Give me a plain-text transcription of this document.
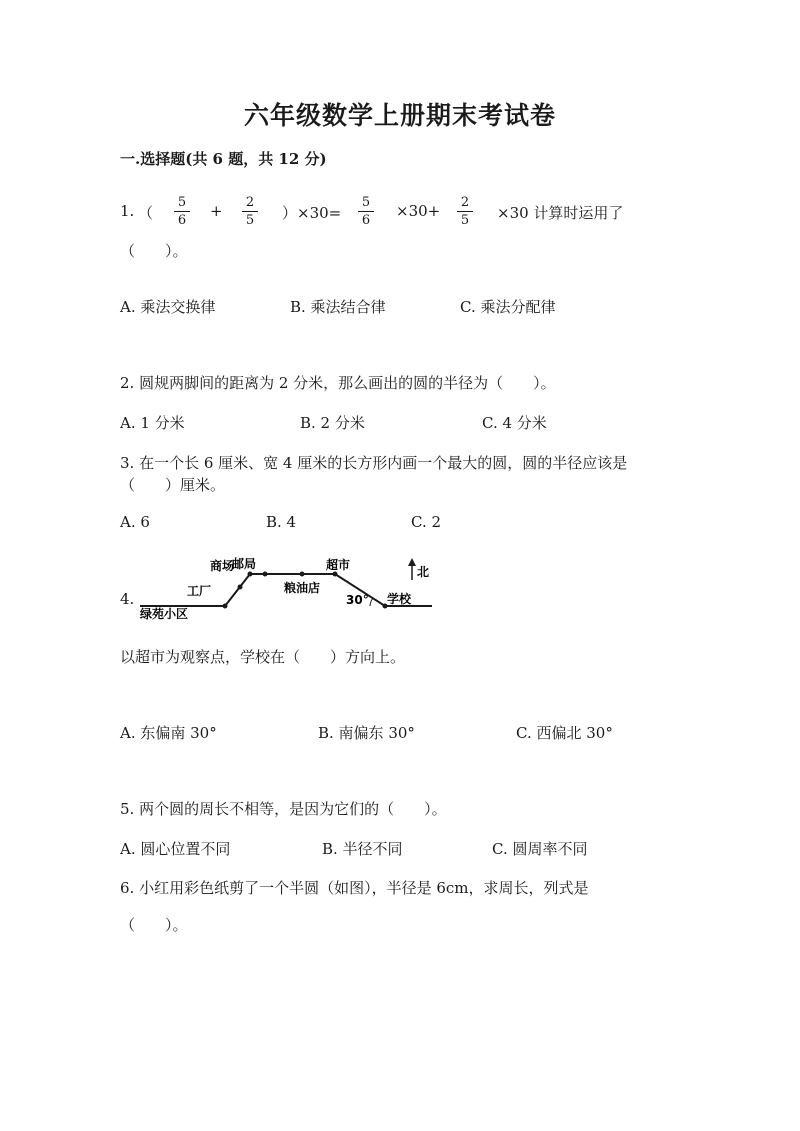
六年级数学上册期末考试卷
一.选择题(共 6 题，共 12 分)
1. （
5
6
+	2
5	）×30=
5
6
×30+	2
5	×30 计算时运用了
（　　）。
A. 乘法交换律	B. 乘法结合律	C. 乘法分配律
2. 圆规两脚间的距离为 2 分米，那么画出的圆的半径为（　　）。
A. 1 分米	B. 2 分米	C. 4 分米
3. 在一个长 6 厘米、宽 4 厘米的长方形内画一个最大的圆，圆的半径应该是
（　　）厘米。
A. 6	B. 4	C. 2
4.
商场
邮局	超市
工厂	粮油店
绿苑小区
学校
30°
北
以超市为观察点，学校在（　　）方向上。
A. 东偏南 30°	B. 南偏东 30°	C. 西偏北 30°
5. 两个圆的周长不相等，是因为它们的（　　）。
A. 圆心位置不同	B. 半径不同	C. 圆周率不同
6. 小红用彩色纸剪了一个半圆（如图），半径是 6cm，求周长，列式是
（　　）。
